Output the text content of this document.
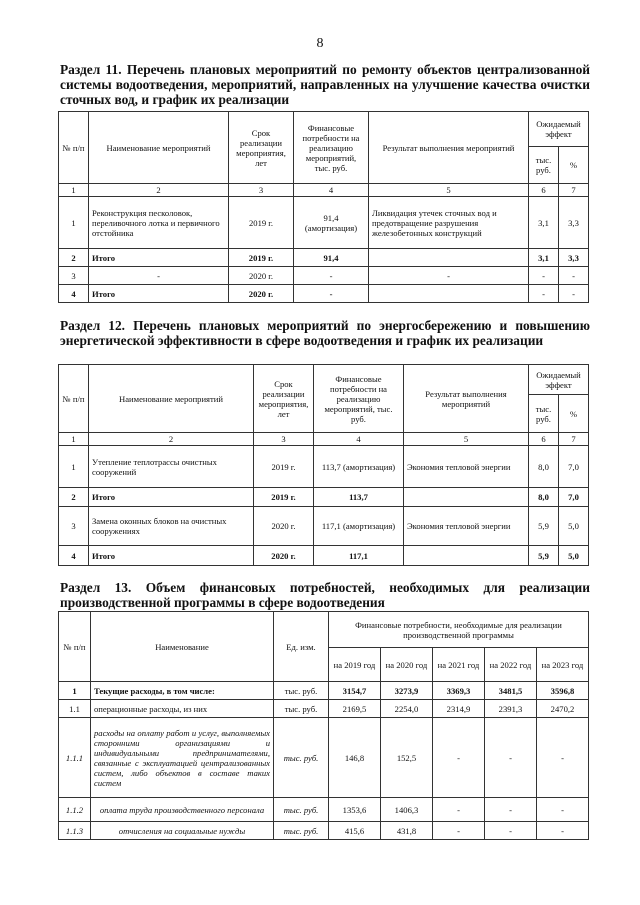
8
Раздел 11. Перечень плановых мероприятий по ремонту объектов централизованной системы водоотведения, мероприятий, направленных на улучшение качества очистки сточных вод, и график их реализации
№ п/п	Наименование мероприятий	Срок реализации мероприятия, лет	Финансовые потребности на реализацию мероприятий, тыс. руб.	Результат выполнения мероприятий	Ожидаемый эффект	
					тыс. руб.	%
1	2	3	4	5	6	7
1	Реконструкция песколовок, переливочного лотка и первичного отстойника	2019 г.	91,4 (амортизация)	Ликвидация утечек сточных вод и предотвращение разрушения железобетонных конструкций	3,1	3,3
2	Итого	2019 г.	91,4		3,1	3,3
3	-	2020 г.	-	-	-	-
4	Итого	2020 г.	-		-	-
Раздел 12. Перечень плановых мероприятий по энергосбережению и повышению энергетической эффективности в сфере водоотведения и график их реализации
№ п/п	Наименование мероприятий	Срок реализации мероприятия, лет	Финансовые потребности на реализацию мероприятий, тыс. руб.	Результат выполнения мероприятий	Ожидаемый эффект	
					тыс. руб.	%
1	2	3	4	5	6	7
1	Утепление теплотрассы очистных сооружений	2019 г.	113,7 (амортизация)	Экономия тепловой энергии	8,0	7,0
2	Итого	2019 г.	113,7		8,0	7,0
3	Замена оконных блоков на очистных сооружениях	2020 г.	117,1 (амортизация)	Экономия тепловой энергии	5,9	5,0
4	Итого	2020 г.	117,1		5,9	5,0
Раздел 13. Объем финансовых потребностей, необходимых для реализации производственной программы в сфере водоотведения
№ п/п	Наименование	Ед. изм.	Финансовые потребности, необходимые для реализации производственной программы				
			на 2019 год	на 2020 год	на 2021 год	на 2022 год	на 2023 год
1	Текущие расходы, в том числе:	тыс. руб.	3154,7	3273,9	3369,3	3481,5	3596,8
1.1	операционные расходы, из них	тыс. руб.	2169,5	2254,0	2314,9	2391,3	2470,2
1.1.1	расходы на оплату работ и услуг, выполняемых сторонними организациями и индивидуальными предпринимателями, связанные с эксплуатацией централизованных систем, либо объектов в составе таких систем	тыс. руб.	146,8	152,5	-	-	-
1.1.2	оплата труда производственного персонала	тыс. руб.	1353,6	1406,3	-	-	-
1.1.3	отчисления на социальные нужды	тыс. руб.	415,6	431,8	-	-	-
